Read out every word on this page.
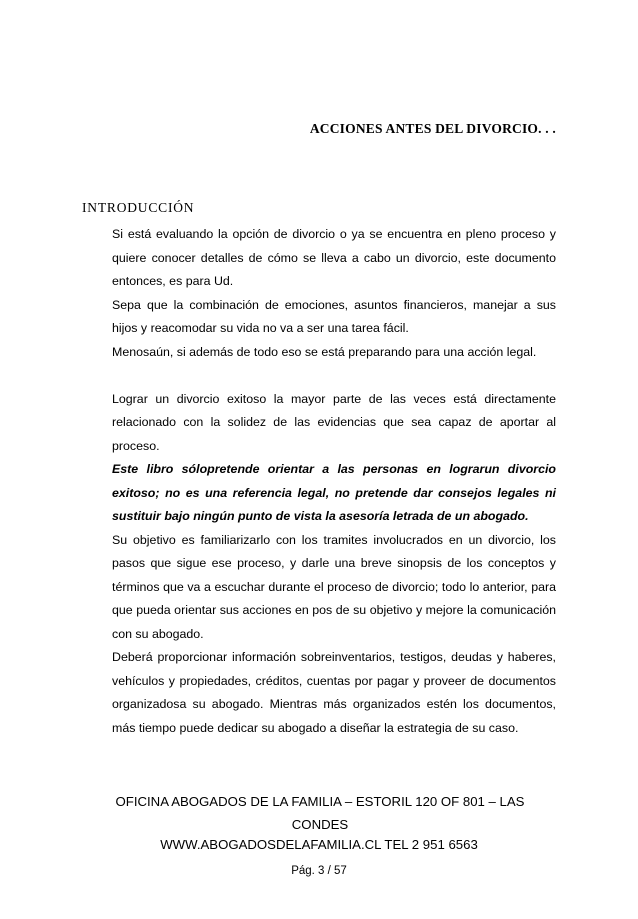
ACCIONES ANTES DEL DIVORCIO. . .
INTRODUCCIÓN

Si está evaluando la opción de divorcio o ya se encuentra en pleno proceso y quiere conocer detalles de cómo se lleva a cabo un divorcio, este documento entonces, es para Ud.

Sepa que la combinación de emociones, asuntos financieros, manejar a sus hijos y reacomodar su vida no va a ser una tarea fácil.

Menosaún, si además de todo eso se está preparando para una acción legal.

Lograr un divorcio exitoso la mayor parte de las veces está directamente relacionado con la solidez de las evidencias que sea capaz de aportar al proceso.

Este libro sólopretende orientar a las personas en lograrun divorcio exitoso; no es una referencia legal, no pretende dar consejos legales ni sustituir bajo ningún punto de vista la asesoría letrada de un abogado.

Su objetivo es familiarizarlo con los tramites involucrados en un divorcio, los pasos que sigue ese proceso, y darle una breve sinopsis de los conceptos y términos que va a escuchar durante el proceso de divorcio; todo lo anterior, para que pueda orientar sus acciones en pos de su objetivo y mejore la comunicación con su abogado.

Deberá proporcionar información sobreinventarios, testigos, deudas y haberes, vehículos y propiedades, créditos, cuentas por pagar y proveer de documentos organizadosa su abogado. Mientras más organizados estén los documentos, más tiempo puede dedicar su abogado a diseñar la estrategia de su caso.

OFICINA ABOGADOS DE LA FAMILIA – ESTORIL 120 OF 801 – LAS CONDES
WWW.ABOGADOSDELAFAMILIA.CL TEL 2 951 6563
Pág. 3 / 57
